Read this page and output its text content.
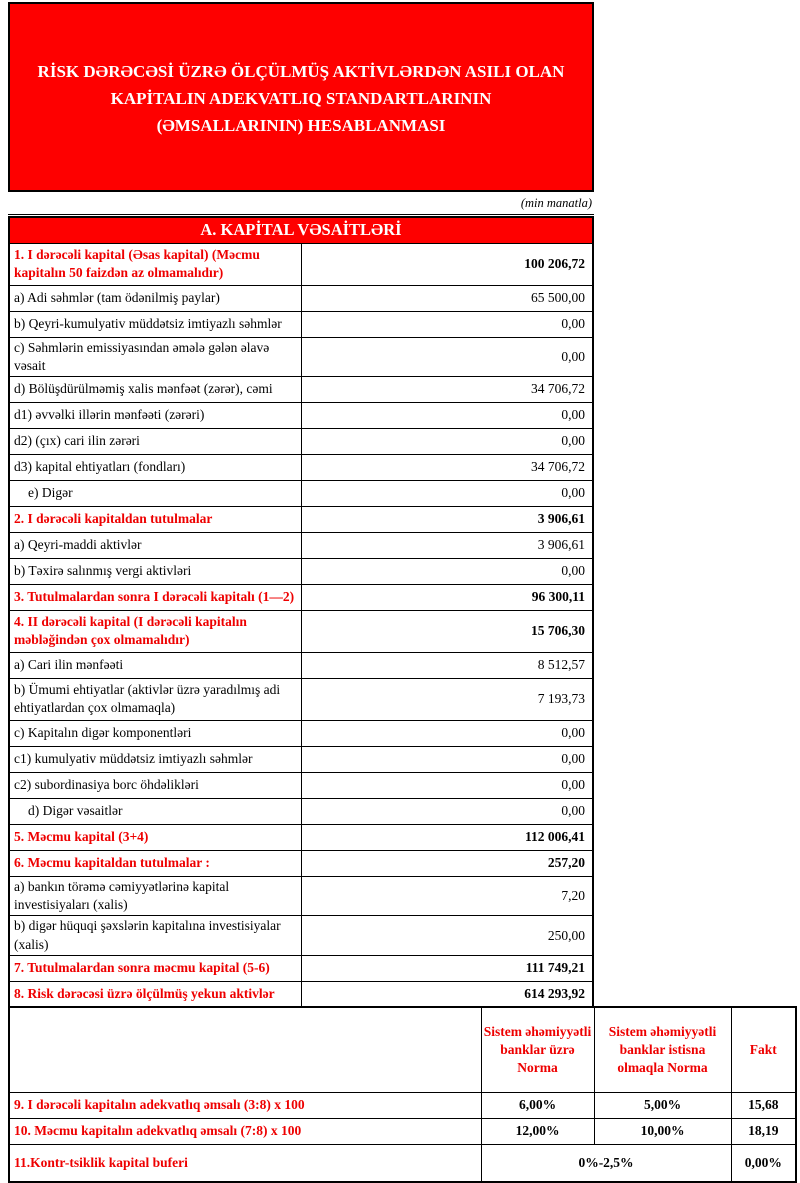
RİSK DƏRƏCƏSİ ÜZRƏ ÖLÇÜLMÜŞ AKTİVLƏRDƏN ASILI OLAN
KAPİTALIN ADEKVATLIQ STANDARTLARININ
(ƏMSALLARININ) HESABLANMASI
(min manatla)
A. KAPİTAL VƏSAİTLƏRİ	
1. I dərəcəli kapital (Əsas kapital) (Məcmu kapitalın 50 faizdən az olmamalıdır)	100 206,72
a) Adi səhmlər (tam ödənilmiş paylar)	65 500,00
b) Qeyri-kumulyativ müddətsiz imtiyazlı səhmlər	0,00
c) Səhmlərin emissiyasından əmələ gələn əlavə vəsait	0,00
d) Bölüşdürülməmiş xalis mənfəət (zərər), cəmi	34 706,72
d1) əvvəlki illərin mənfəəti (zərəri)	0,00
d2) (çıx) cari ilin zərəri	0,00
d3) kapital ehtiyatları (fondları)	34 706,72
e) Digər	0,00
2. I dərəcəli kapitaldan tutulmalar	3 906,61
a) Qeyri-maddi aktivlər	3 906,61
b) Təxirə salınmış vergi aktivləri	0,00
3. Tutulmalardan sonra I dərəcəli kapitalı (1—2)	96 300,11
4. II dərəcəli kapital (I dərəcəli kapitalın məbləğindən çox olmamalıdır)	15 706,30
a) Cari ilin mənfəəti	8 512,57
b) Ümumi ehtiyatlar (aktivlər üzrə yaradılmış adi ehtiyatlardan çox olmamaqla)	7 193,73
c) Kapitalın digər komponentləri	0,00
c1) kumulyativ müddətsiz imtiyazlı səhmlər	0,00
c2) subordinasiya borc öhdəlikləri	0,00
d) Digər vəsaitlər	0,00
5. Məcmu kapital (3+4)	112 006,41
6. Məcmu kapitaldan tutulmalar :	257,20
a) bankın törəmə cəmiyyətlərinə kapital investisiyaları (xalis)	7,20
b) digər hüquqi şəxslərin kapitalına investisiyalar (xalis)	250,00
7. Tutulmalardan sonra məcmu kapital (5-6)	111 749,21
8. Risk dərəcəsi üzrə ölçülmüş yekun aktivlər	614 293,92
	Sistem əhəmiyyətli banklar üzrə Norma	Sistem əhəmiyyətli banklar istisna olmaqla Norma	Fakt
9. I dərəcəli kapitalın adekvatlıq əmsalı (3:8) x 100	6,00%	5,00%	15,68
10. Məcmu kapitalın adekvatlıq əmsalı (7:8) x 100	12,00%	10,00%	18,19
11.Kontr-tsiklik kapital buferi	0%-2,5%		0,00%
